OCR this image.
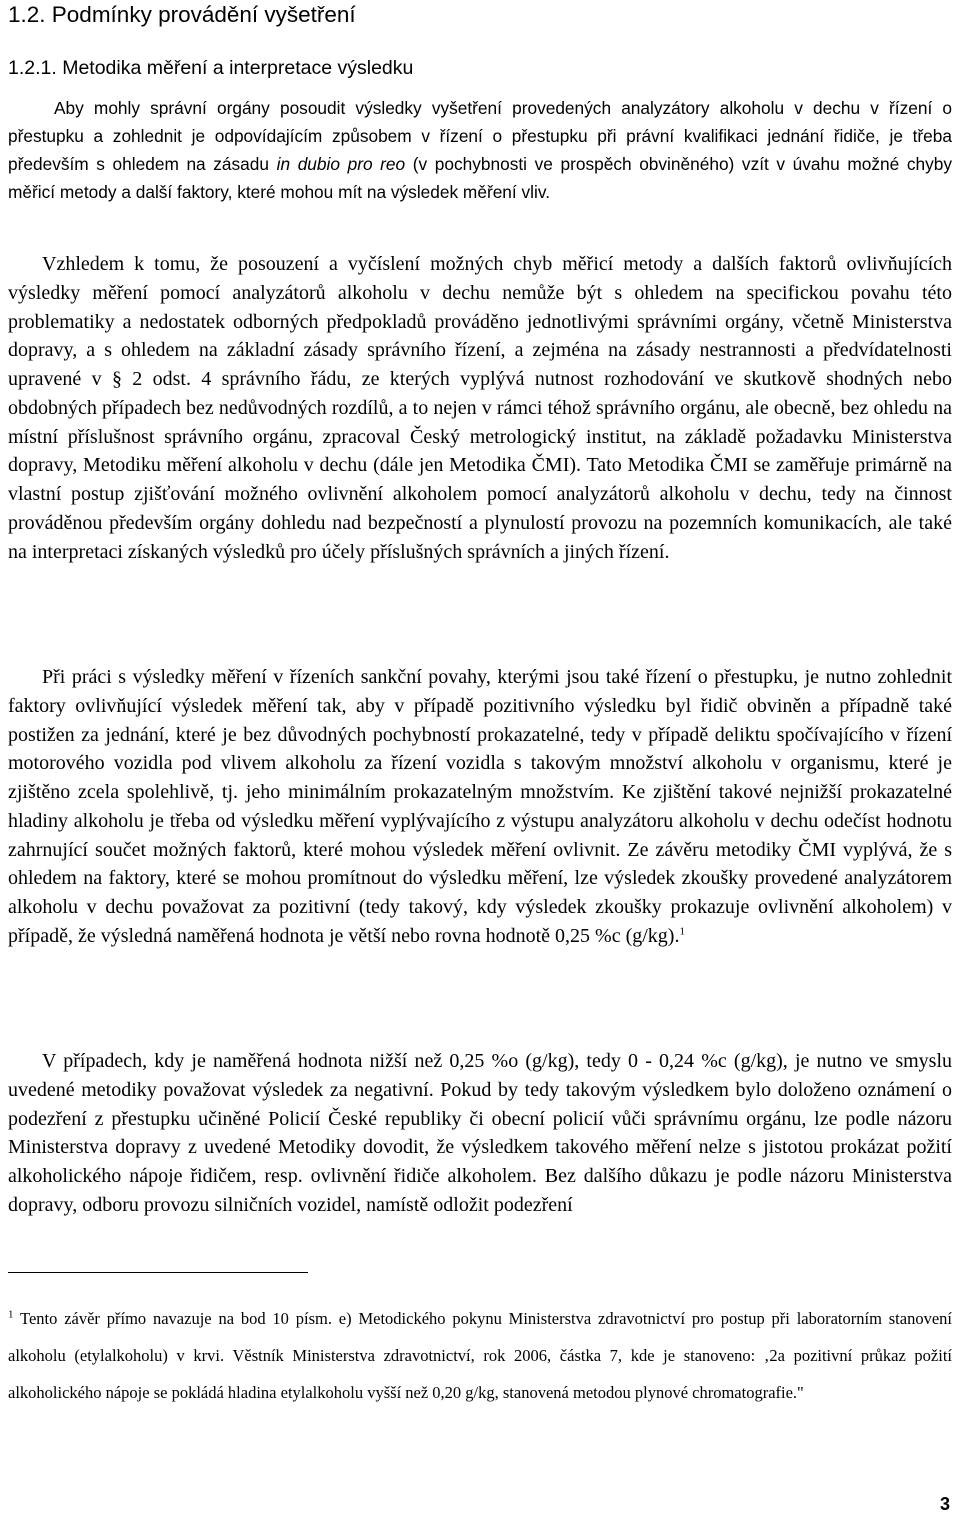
1.2. Podmínky provádění vyšetření
1.2.1. Metodika měření a interpretace výsledku

Aby mohly správní orgány posoudit výsledky vyšetření provedených analyzátory alkoholu v dechu v řízení o přestupku a zohlednit je odpovídajícím způsobem v řízení o přestupku při právní kvalifikaci jednání řidiče, je třeba především s ohledem na zásadu in dubio pro reo (v pochybnosti ve prospěch obviněného) vzít v úvahu možné chyby měřicí metody a další faktory, které mohou mít na výsledek měření vliv.

Vzhledem k tomu, že posouzení a vyčíslení možných chyb měřicí metody a dalších faktorů ovlivňujících výsledky měření pomocí analyzátorů alkoholu v dechu nemůže být s ohledem na specifickou povahu této problematiky a nedostatek odborných předpokladů prováděno jednotlivými správními orgány, včetně Ministerstva dopravy, a s ohledem na základní zásady správního řízení, a zejména na zásady nestrannosti a předvídatelnosti upravené v § 2 odst. 4 správního řádu, ze kterých vyplývá nutnost rozhodování ve skutkově shodných nebo obdobných případech bez nedůvodných rozdílů, a to nejen v rámci téhož správního orgánu, ale obecně, bez ohledu na místní příslušnost správního orgánu, zpracoval Český metrologický institut, na základě požadavku Ministerstva dopravy, Metodiku měření alkoholu v dechu (dále jen Metodika ČMI). Tato Metodika ČMI se zaměřuje primárně na vlastní postup zjišťování možného ovlivnění alkoholem pomocí analyzátorů alkoholu v dechu, tedy na činnost prováděnou především orgány dohledu nad bezpečností a plynulostí provozu na pozemních komunikacích, ale také na interpretaci získaných výsledků pro účely příslušných správních a jiných řízení.

Při práci s výsledky měření v řízeních sankční povahy, kterými jsou také řízení o přestupku, je nutno zohlednit faktory ovlivňující výsledek měření tak, aby v případě pozitivního výsledku byl řidič obviněn a případně také postižen za jednání, které je bez důvodných pochybností prokazatelné, tedy v případě deliktu spočívajícího v řízení motorového vozidla pod vlivem alkoholu za řízení vozidla s takovým množství alkoholu v organismu, které je zjištěno zcela spolehlivě, tj. jeho minimálním prokazatelným množstvím. Ke zjištění takové nejnižší prokazatelné hladiny alkoholu je třeba od výsledku měření vyplývajícího z výstupu analyzátoru alkoholu v dechu odečíst hodnotu zahrnující součet možných faktorů, které mohou výsledek měření ovlivnit. Ze závěru metodiky ČMI vyplývá, že s ohledem na faktory, které se mohou promítnout do výsledku měření, lze výsledek zkoušky provedené analyzátorem alkoholu v dechu považovat za pozitivní (tedy takový, kdy výsledek zkoušky prokazuje ovlivnění alkoholem) v případě, že výsledná naměřená hodnota je větší nebo rovna hodnotě 0,25 %c (g/kg).$^1$

V případech, kdy je naměřená hodnota nižší než 0,25 %o (g/kg), tedy 0 - 0,24 %c (g/kg), je nutno ve smyslu uvedené metodiky považovat výsledek za negativní. Pokud by tedy takovým výsledkem bylo doloženo oznámení o podezření z přestupku učiněné Policií České republiky či obecní policií vůči správnímu orgánu, lze podle názoru Ministerstva dopravy z uvedené Metodiky dovodit, že výsledkem takového měření nelze s jistotou prokázat požití alkoholického nápoje řidičem, resp. ovlivnění řidiče alkoholem. Bez dalšího důkazu je podle názoru Ministerstva dopravy, odboru provozu silničních vozidel, namístě odložit podezření

$^1$ Tento závěr přímo navazuje na bod 10 písm. e) Metodického pokynu Ministerstva zdravotnictví pro postup při laboratorním stanovení alkoholu (etylalkoholu) v krvi. Věstník Ministerstva zdravotnictví, rok 2006, částka 7, kde je stanoveno: ‚2a pozitivní průkaz požití alkoholického nápoje se pokládá hladina etylalkoholu vyšší než 0,20 g/kg, stanovená metodou plynové chromatografie."

3
